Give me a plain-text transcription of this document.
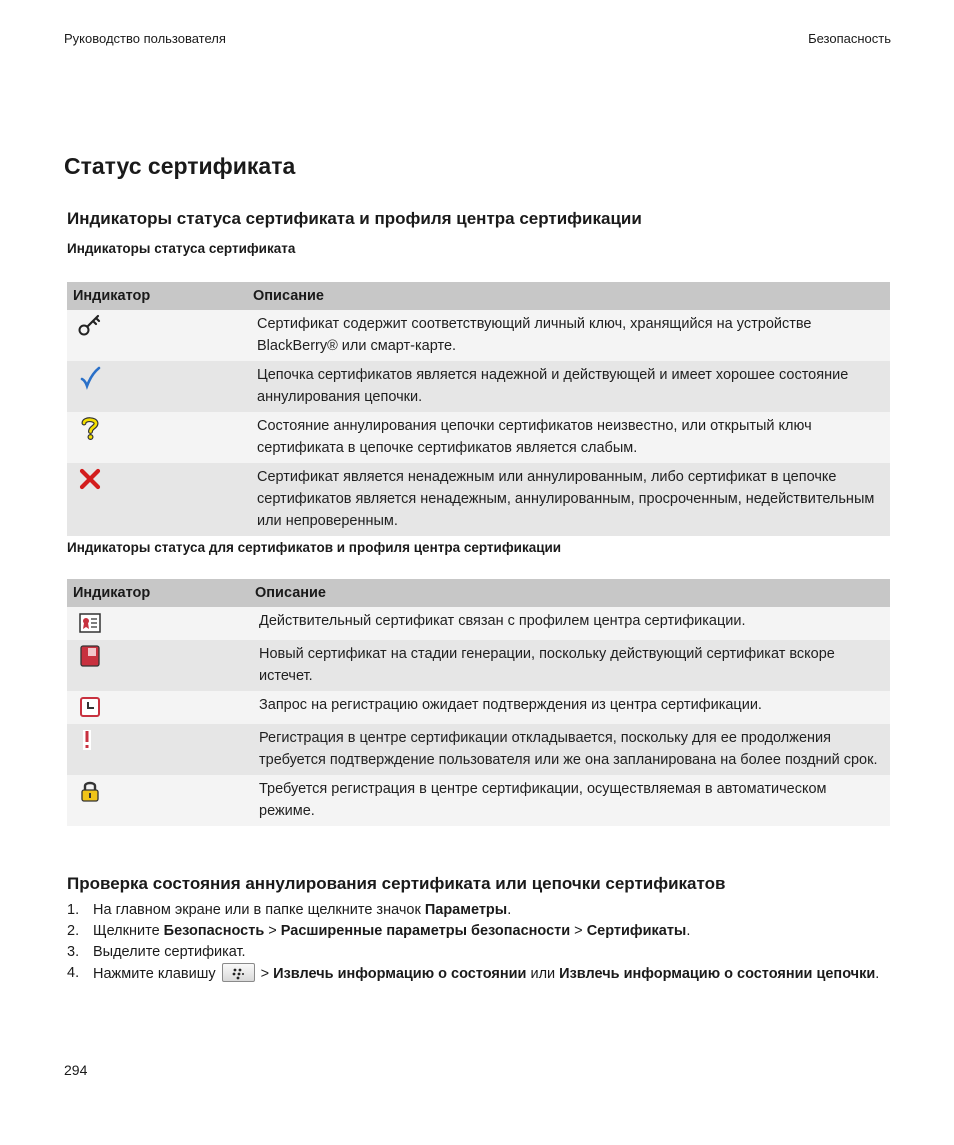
Руководство пользователя	Безопасность
Статус сертификата
Индикаторы статуса сертификата и профиля центра сертификации

Индикаторы статуса сертификата

Индикатор	Описание

	Сертификат содержит соответствующий личный ключ, хранящийся на устройстве BlackBerry® или смарт-карте.

	Цепочка сертификатов является надежной и действующей и имеет хорошее состояние аннулирования цепочки.

	Состояние аннулирования цепочки сертификатов неизвестно, или открытый ключ сертификата в цепочке сертификатов является слабым.

	Сертификат является ненадежным или аннулированным, либо сертификат в цепочке сертификатов является ненадежным, аннулированным, просроченным, недействительным или непроверенным.

Индикаторы статуса для сертификатов и профиля центра сертификации

Индикатор	Описание

	Действительный сертификат связан с профилем центра сертификации.

	Новый сертификат на стадии генерации, поскольку действующий сертификат вскоре истечет.

	Запрос на регистрацию ожидает подтверждения из центра сертификации.

	Регистрация в центре сертификации откладывается, поскольку для ее продолжения требуется подтверждение пользователя или же она запланирована на более поздний срок.

	Требуется регистрация в центре сертификации, осуществляемая в автоматическом режиме.
Проверка состояния аннулирования сертификата или цепочки сертификатов
1. На главном экране или в папке щелкните значок Параметры.
2. Щелкните Безопасность > Расширенные параметры безопасности > Сертификаты.
3. Выделите сертификат.
4. Нажмите клавишу	> Извлечь информацию о состоянии или Извлечь информацию о состоянии цепочки.
294
